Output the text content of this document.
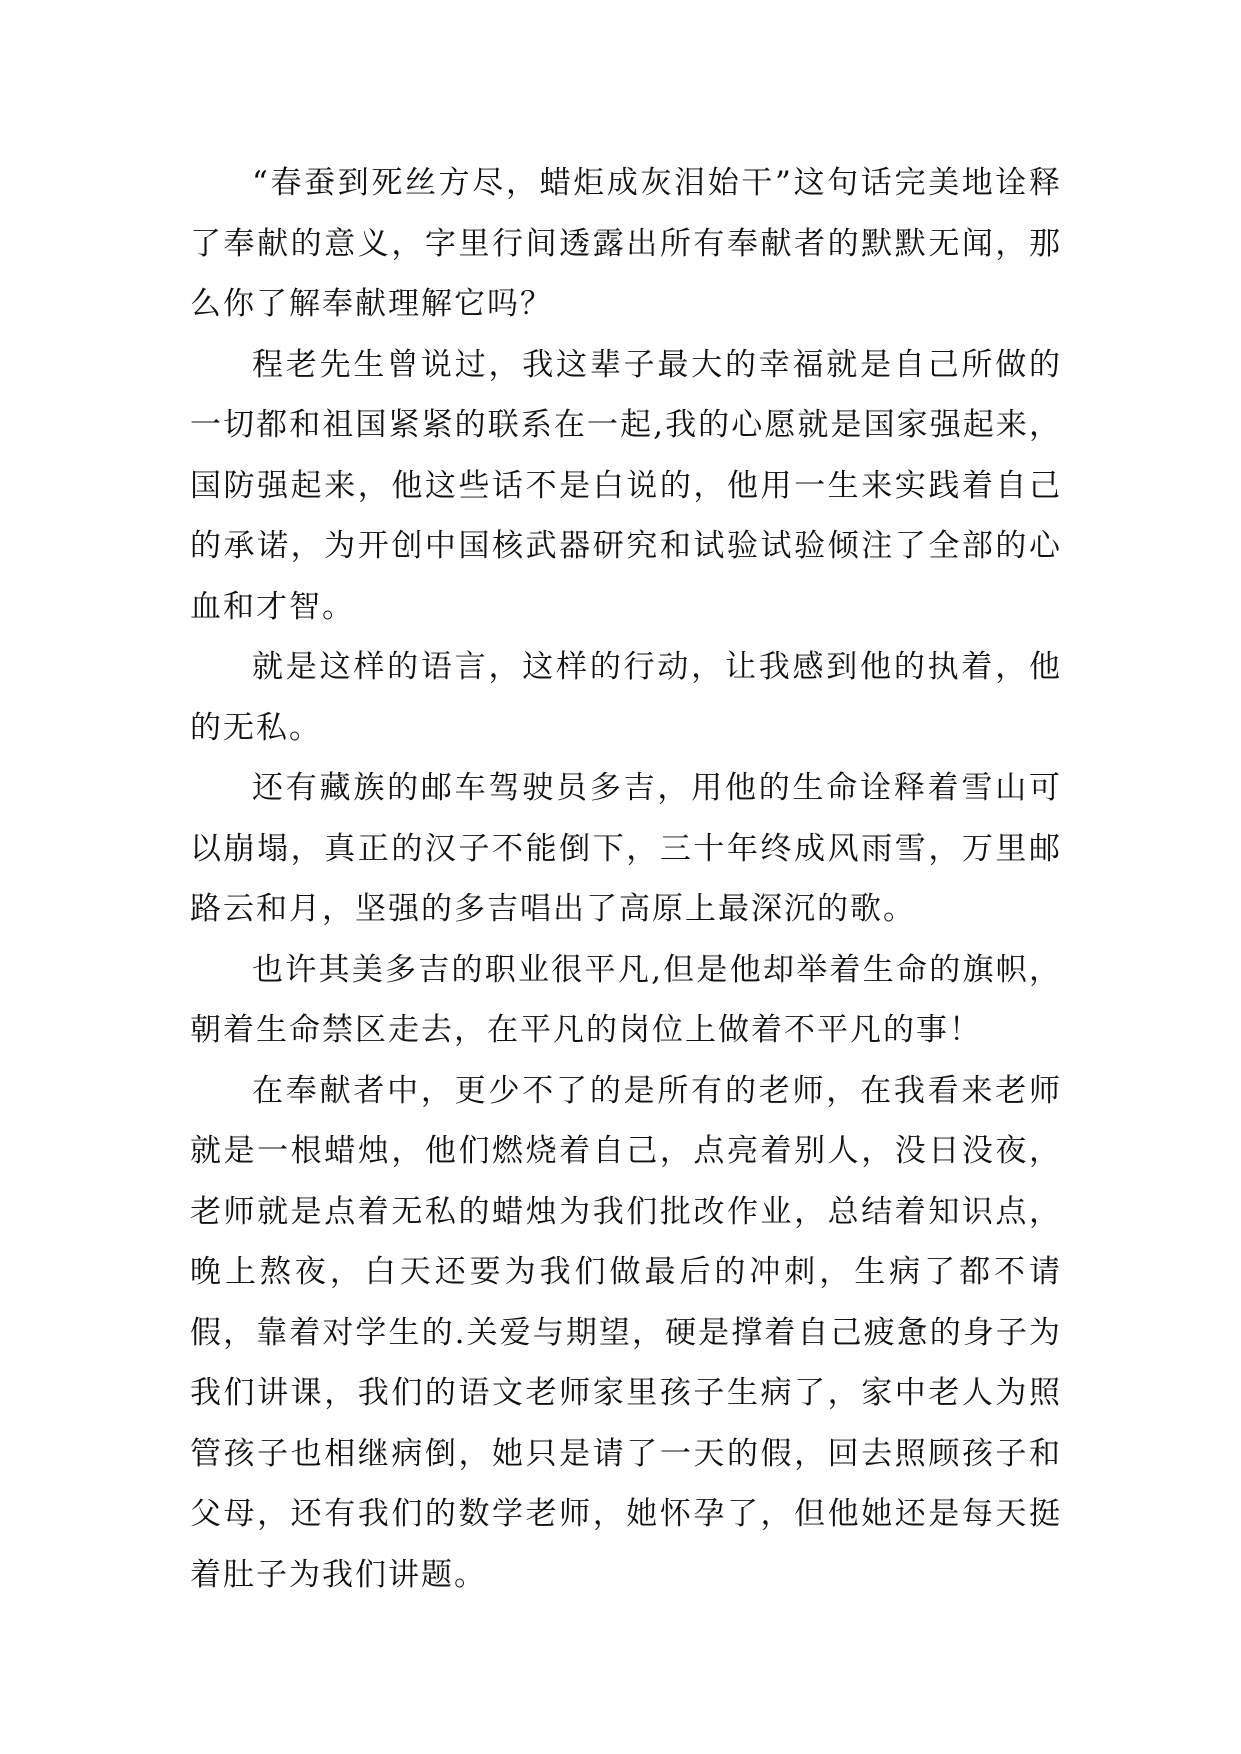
“春蚕到死丝方尽，蜡炬成灰泪始干”这句话完美地诠释了奉献的意义，字里行间透露出所有奉献者的默默无闻，那么你了解奉献理解它吗？

程老先生曾说过，我这辈子最大的幸福就是自己所做的一切都和祖国紧紧的联系在一起,我的心愿就是国家强起来，国防强起来，他这些话不是白说的，他用一生来实践着自己的承诺，为开创中国核武器研究和试验试验倾注了全部的心血和才智。

就是这样的语言，这样的行动，让我感到他的执着，他的无私。

还有藏族的邮车驾驶员多吉，用他的生命诠释着雪山可以崩塌，真正的汉子不能倒下，三十年终成风雨雪，万里邮路云和月，坚强的多吉唱出了高原上最深沉的歌。

也许其美多吉的职业很平凡,但是他却举着生命的旗帜，朝着生命禁区走去，在平凡的岗位上做着不平凡的事！

在奉献者中，更少不了的是所有的老师，在我看来老师就是一根蜡烛，他们燃烧着自己，点亮着别人，没日没夜，老师就是点着无私的蜡烛为我们批改作业，总结着知识点，晚上熬夜，白天还要为我们做最后的冲刺，生病了都不请假，靠着对学生的.关爱与期望，硬是撑着自己疲惫的身子为我们讲课，我们的语文老师家里孩子生病了，家中老人为照管孩子也相继病倒，她只是请了一天的假，回去照顾孩子和父母，还有我们的数学老师，她怀孕了，但他她还是每天挺着肚子为我们讲题。
